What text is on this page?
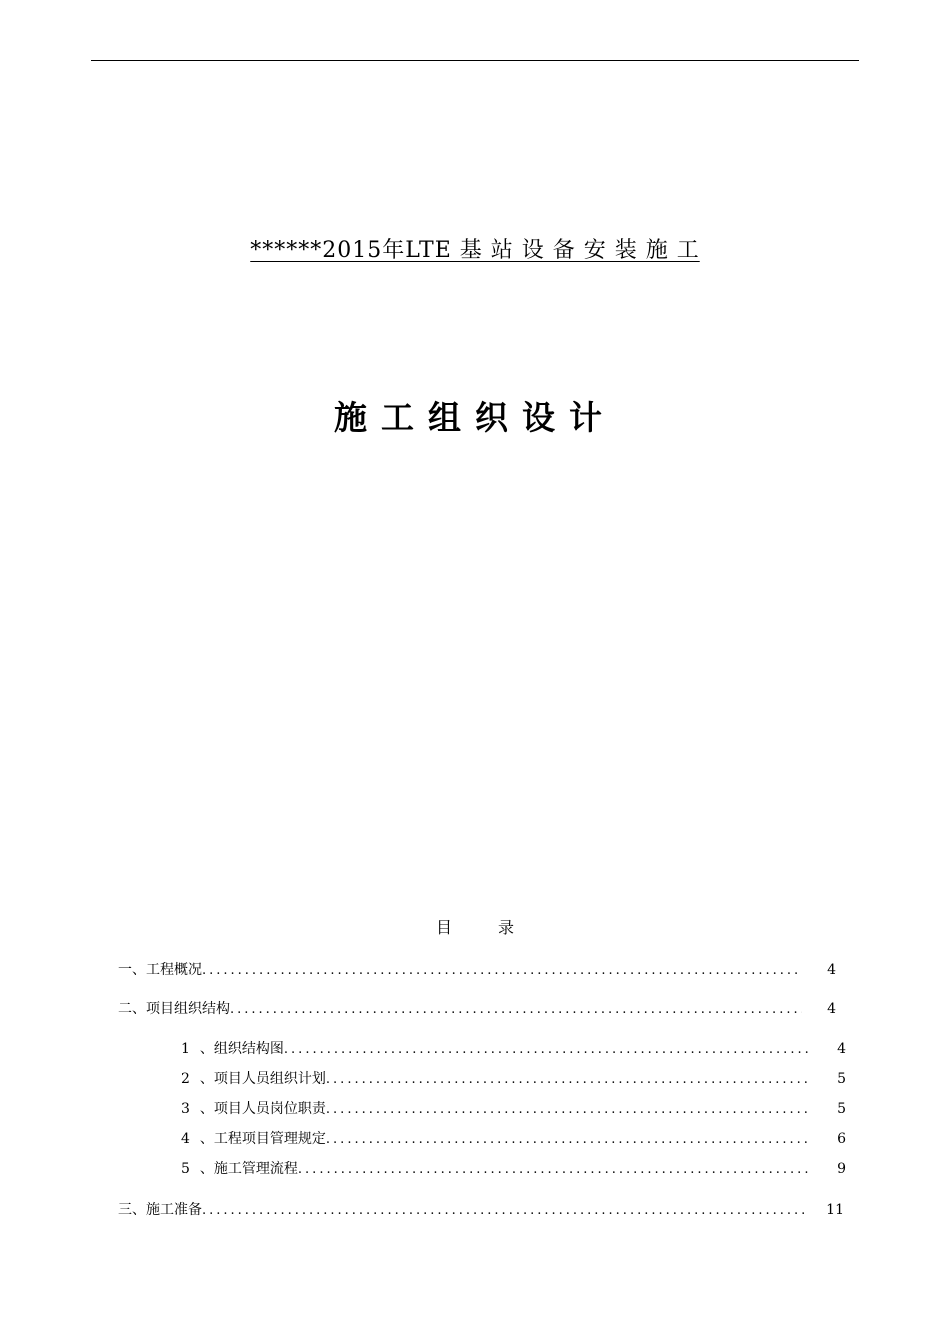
******2015年LTE 基 站 设 备 安 装 施 工
施工组织设计
目录
一、工程概况 .....	4
二、项目组织结构 .....	4
1 、组织结构图 .....	4
2 、项目人员组织计划 .....	5
3 、项目人员岗位职责 .....	5
4 、工程项目管理规定 .....	6
5 、施工管理流程 .....	9
三、施工准备 .....	11
